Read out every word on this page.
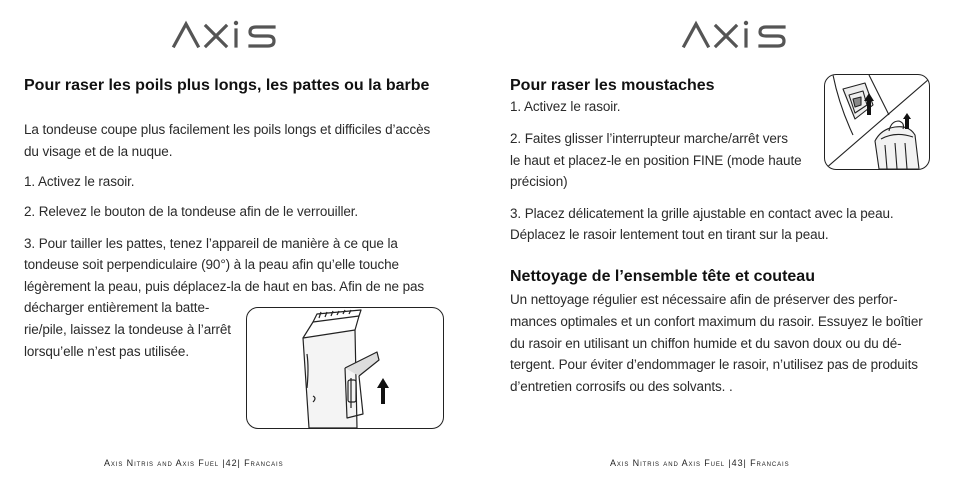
Pour raser les poils plus longs, les pattes ou la barbe

La tondeuse coupe plus facilement les poils longs et difficiles d’accès du visage et de la nuque.

1. Activez le rasoir.

2. Relevez le bouton de la tondeuse afin de le verrouiller.

3. Pour tailler les pattes, tenez l’appareil de manière à ce que la

tondeuse soit perpendiculaire (90°) à la peau afin qu’elle touche

légèrement la peau, puis déplacez-la de haut en bas. Afin de ne pas

décharger entièrement la batte-

rie/pile, laissez la tondeuse à l’arrêt

lorsqu’elle n’est pas utilisée.

Axis Nitris and Axis Fuel |42| Francais

Pour raser les moustaches

1. Activez le rasoir.

2. Faites glisser l’interrupteur marche/arrêt vers

le haut et placez-le en position FINE (mode haute

précision)

3. Placez délicatement la grille ajustable en contact avec la peau.

Déplacez le rasoir lentement tout en tirant sur la peau.

Nettoyage de l’ensemble tête et couteau

Un nettoyage régulier est nécessaire afin de préserver des perfor-

mances optimales et un confort maximum du rasoir. Essuyez le boîtier

du rasoir en utilisant un chiffon humide et du savon doux ou du dé-

tergent. Pour éviter d’endommager le rasoir, n’utilisez pas de produits

d’entretien corrosifs ou des solvants. .

Axis Nitris and Axis Fuel |43| Francais
